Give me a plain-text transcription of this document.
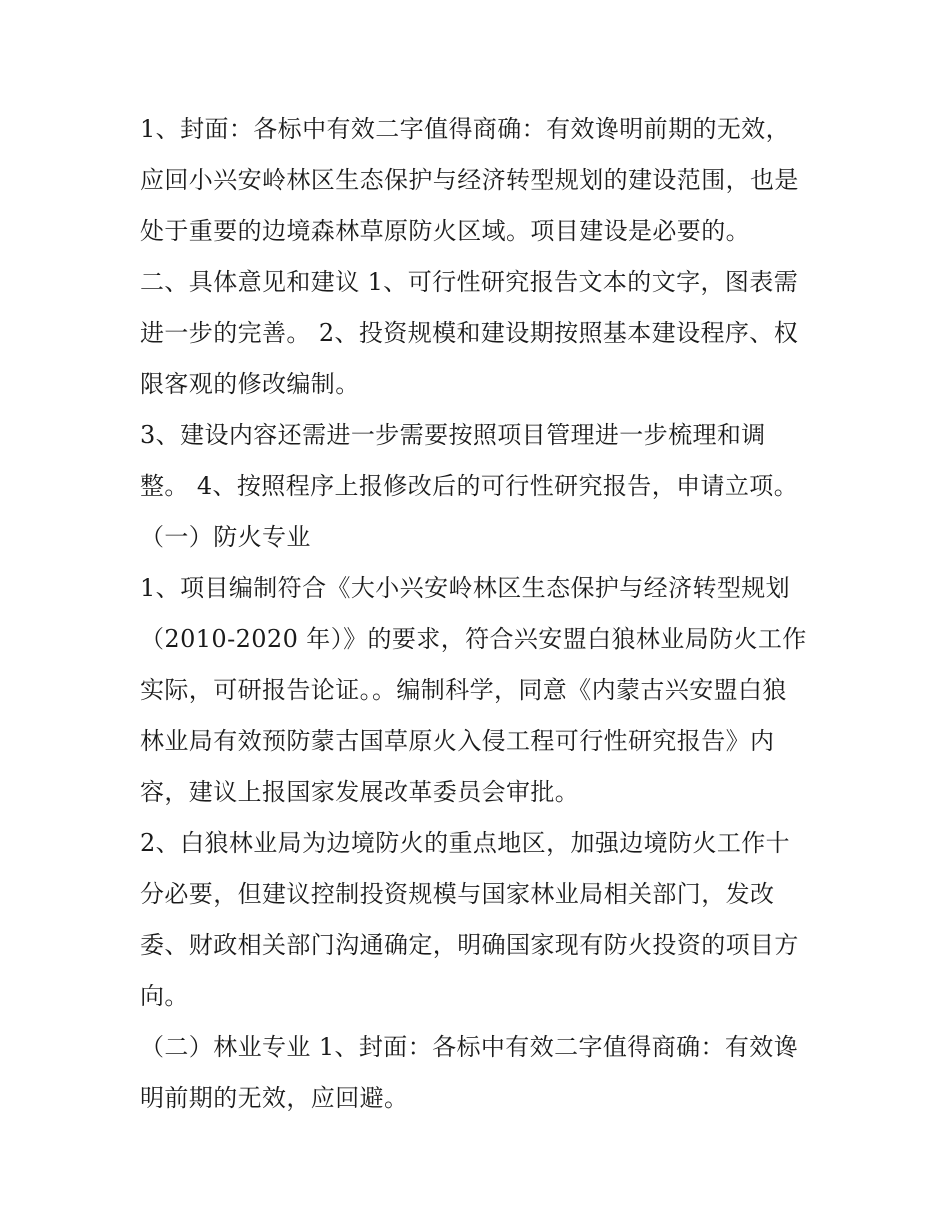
1、封面：各标中有效二字值得商确：有效谗明前期的无效，
应回小兴安岭林区生态保护与经济转型规划的建设范围，也是
处于重要的边境森林草原防火区域。项目建设是必要的。
二、具体意见和建议 1、可行性研究报告文本的文字，图表需
进一步的完善。 2、投资规模和建设期按照基本建设程序、权
限客观的修改编制。
3、建设内容还需进一步需要按照项目管理进一步梳理和调
整。 4、按照程序上报修改后的可行性研究报告，申请立项。
（一）防火专业
1、项目编制符合《大小兴安岭林区生态保护与经济转型规划
（2010-2020 年）》的要求，符合兴安盟白狼林业局防火工作
实际，可研报告论证。。编制科学，同意《内蒙古兴安盟白狼
林业局有效预防蒙古国草原火入侵工程可行性研究报告》内
容，建议上报国家发展改革委员会审批。
2、白狼林业局为边境防火的重点地区，加强边境防火工作十
分必要，但建议控制投资规模与国家林业局相关部门，发改
委、财政相关部门沟通确定，明确国家现有防火投资的项目方
向。
（二）林业专业 1、封面：各标中有效二字值得商确：有效谗
明前期的无效，应回避。
